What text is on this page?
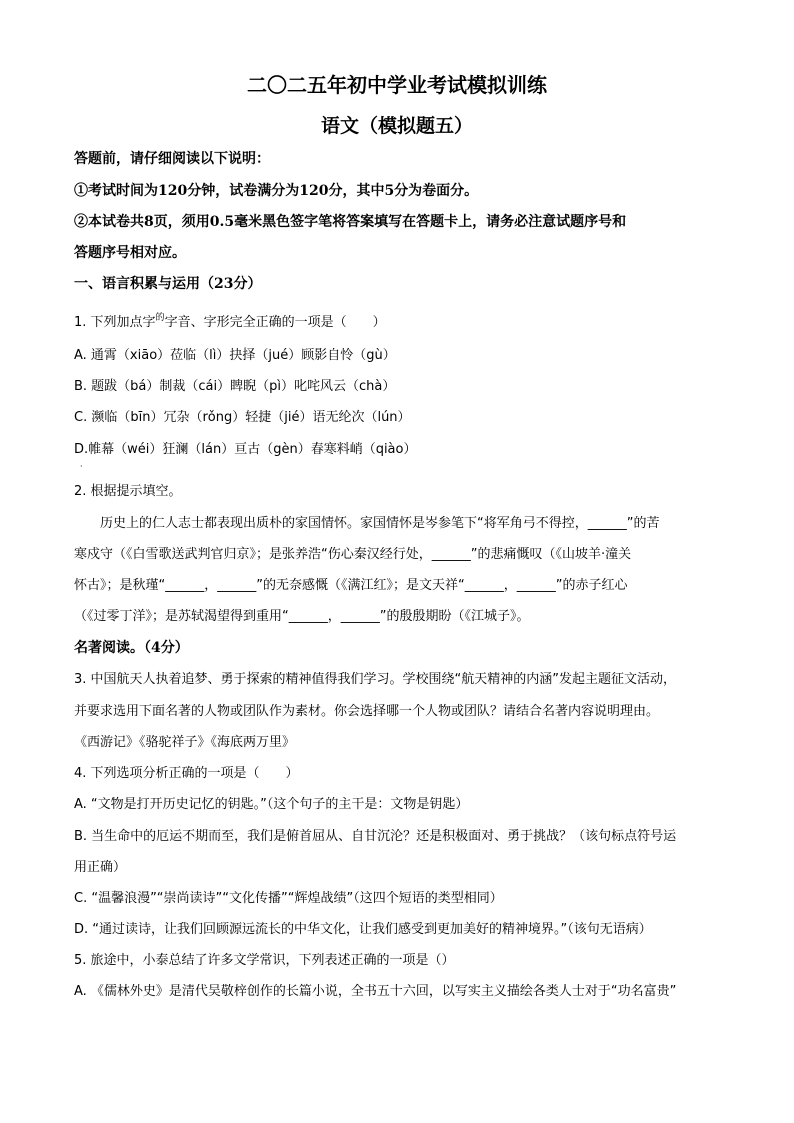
二〇二五年初中学业考试模拟训练
语文（模拟题五）
答题前，请仔细阅读以下说明：
①考试时间为120分钟，试卷满分为120分，其中5分为卷面分。
②本试卷共8页，须用0.5毫米黑色签字笔将答案填写在答题卡上，请务必注意试题序号和
答题序号相对应。
一、语言积累与运用（23分）
1. 下列加点字$^的$字音、字形完全正确的一项是（　　）
A. 通霄（xiāo）莅临（lì）抉择（jué）顾影自怜（gù）
B. 题跋（bá）制裁（cái）睥睨（pì）叱咤风云（chà）
C. 濒临（bīn）冗杂（rǒng）轻捷（jié）语无纶次（lún）
D.帷幕（wéi）狂澜（lán）亘古（gèn）春寒料峭（qiào）
·
2. 根据提示填空。
历史上的仁人志士都表现出质朴的家国情怀。家国情怀是岑参笔下“将军角弓不得控，______”的苦
寒戍守（《白雪歌送武判官归京》；是张养浩“伤心秦汉经行处，______”的悲痛慨叹（《山坡羊·潼关
怀古》；是秋瑾“______，______”的无奈感慨（《满江红》；是文天祥“______，______”的赤子红心
（《过零丁洋》；是苏轼渴望得到重用“______，______”的殷殷期盼（《江城子》。
名著阅读。（4分）
3. 中国航天人执着追梦、勇于探索的精神值得我们学习。学校围绕“航天精神的内涵”发起主题征文活动，
并要求选用下面名著的人物或团队作为素材。你会选择哪一个人物或团队？请结合名著内容说明理由。
《西游记》《骆驼祥子》《海底两万里》
4. 下列选项分析正确的一项是（　　）
A. “文物是打开历史记忆的钥匙。”（这个句子的主干是：文物是钥匙）
B. 当生命中的厄运不期而至，我们是俯首屈从、自甘沉沦？还是积极面对、勇于挑战？（该句标点符号运
用正确）
C. “温馨浪漫”“崇尚读诗”“文化传播”“辉煌战绩”（这四个短语的类型相同）
D. “通过读诗，让我们回顾源远流长的中华文化，让我们感受到更加美好的精神境界。”（该句无语病）
5. 旅途中，小泰总结了许多文学常识，下列表述正确的一项是（）
A. 《儒林外史》是清代吴敬梓创作的长篇小说，全书五十六回，以写实主义描绘各类人士对于“功名富贵”
